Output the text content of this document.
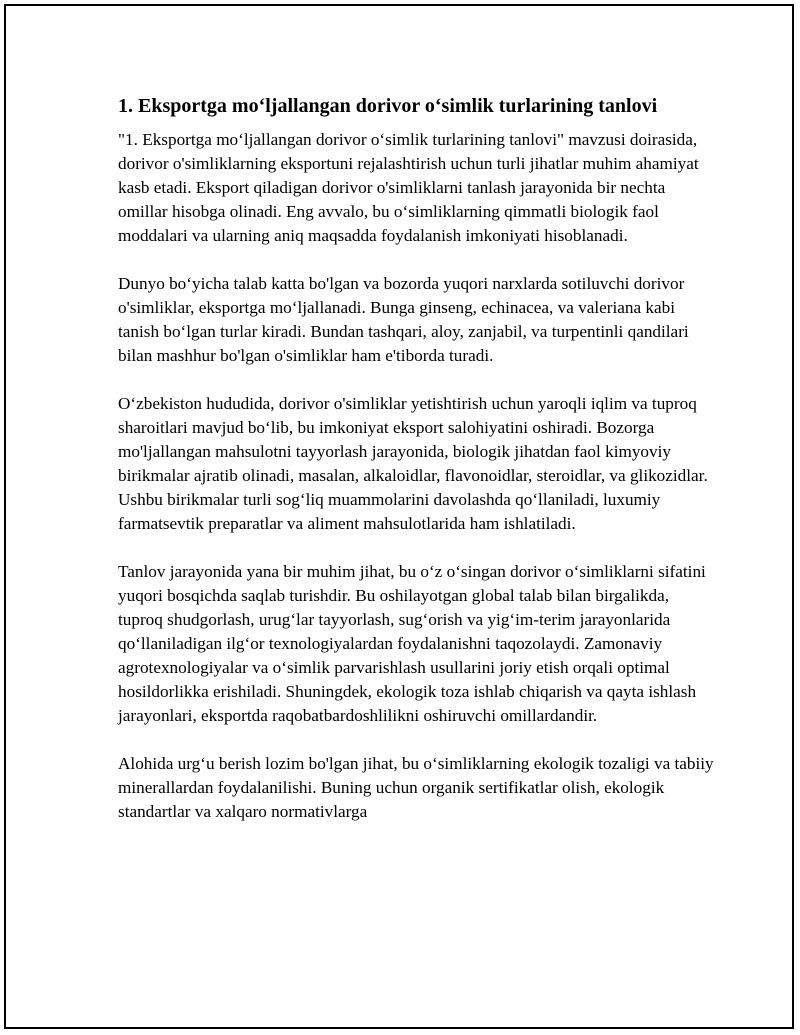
1. Eksportga mo‘ljallangan dorivor o‘simlik turlarining tanlovi

"1. Eksportga mo‘ljallangan dorivor o‘simlik turlarining tanlovi" mavzusi doirasida, dorivor o'simliklarning eksportuni rejalashtirish uchun turli jihatlar muhim ahamiyat kasb etadi. Eksport qiladigan dorivor o'simliklarni tanlash jarayonida bir nechta omillar hisobga olinadi. Eng avvalo, bu o‘simliklarning qimmatli biologik faol moddalari va ularning aniq maqsadda foydalanish imkoniyati hisoblanadi.

Dunyo bo‘yicha talab katta bo'lgan va bozorda yuqori narxlarda sotiluvchi dorivor o'simliklar, eksportga mo‘ljallanadi. Bunga ginseng, echinacea, va valeriana kabi tanish bo‘lgan turlar kiradi. Bundan tashqari, aloy, zanjabil, va turpentinli qandilari bilan mashhur bo'lgan o'simliklar ham e'tiborda turadi.

O‘zbekiston hududida, dorivor o'simliklar yetishtirish uchun yaroqli iqlim va tuproq sharoitlari mavjud bo‘lib, bu imkoniyat eksport salohiyatini oshiradi. Bozorga mo'ljallangan mahsulotni tayyorlash jarayonida, biologik jihatdan faol kimyoviy birikmalar ajratib olinadi, masalan, alkaloidlar, flavonoidlar, steroidlar, va glikozidlar. Ushbu birikmalar turli sog‘liq muammolarini davolashda qo‘llaniladi, luxumiy farmatsevtik preparatlar va aliment mahsulotlarida ham ishlatiladi.

Tanlov jarayonida yana bir muhim jihat, bu o‘z o‘singan dorivor o‘simliklarni sifatini yuqori bosqichda saqlab turishdir. Bu oshilayotgan global talab bilan birgalikda, tuproq shudgorlash, urug‘lar tayyorlash, sug‘orish va yig‘im-terim jarayonlarida qo‘llaniladigan ilg‘or texnologiyalardan foydalanishni taqozolaydi. Zamonaviy agrotexnologiyalar va o‘simlik parvarishlash usullarini joriy etish orqali optimal hosildorlikka erishiladi. Shuningdek, ekologik toza ishlab chiqarish va qayta ishlash jarayonlari, eksportda raqobatbardoshlilikni oshiruvchi omillardandir.

Alohida urg‘u berish lozim bo'lgan jihat, bu o‘simliklarning ekologik tozaligi va tabiiy minerallardan foydalanilishi. Buning uchun organik sertifikatlar olish, ekologik standartlar va xalqaro normativlarga
